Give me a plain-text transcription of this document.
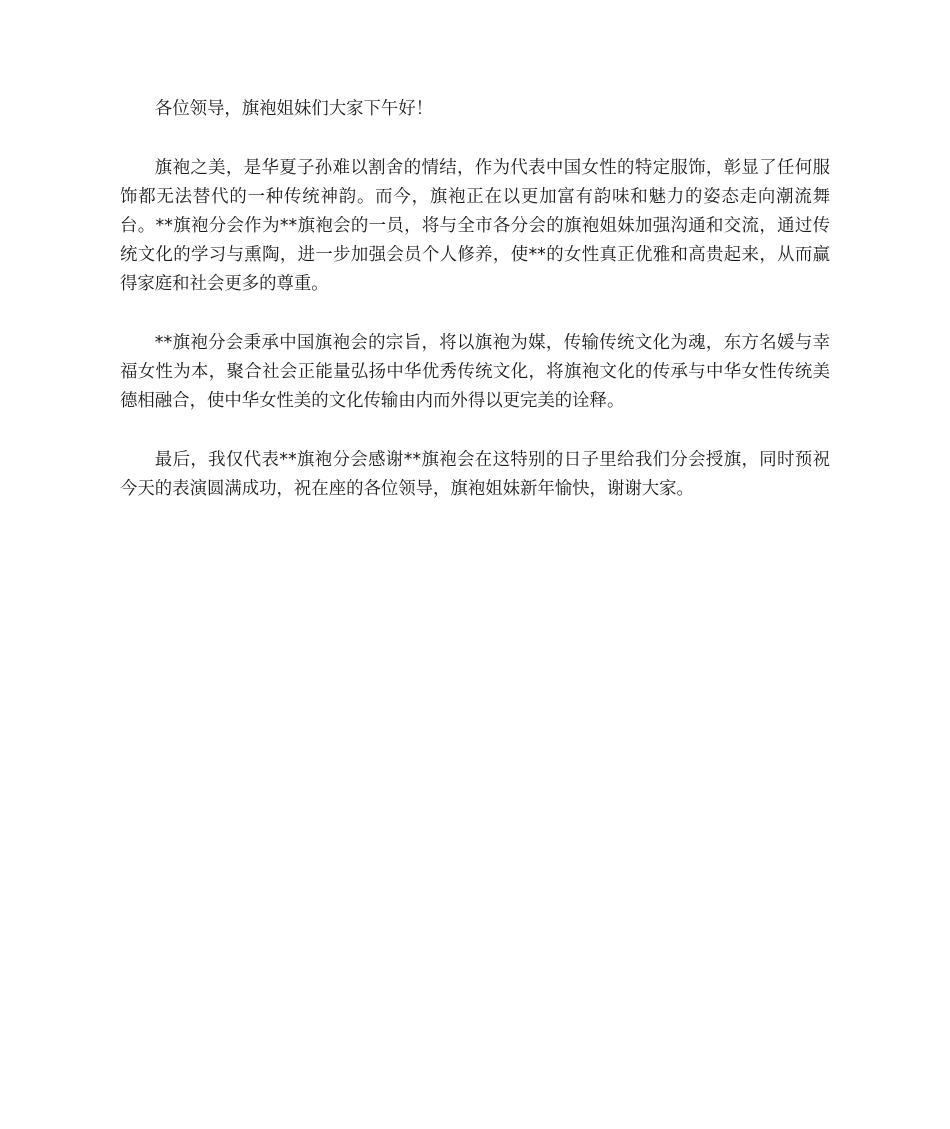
各位领导，旗袍姐妹们大家下午好！

旗袍之美，是华夏子孙难以割舍的情结，作为代表中国女性的特定服饰，彰显了任何服饰都无法替代的一种传统神韵。而今，旗袍正在以更加富有韵味和魅力的姿态走向潮流舞台。**旗袍分会作为**旗袍会的一员，将与全市各分会的旗袍姐妹加强沟通和交流，通过传统文化的学习与熏陶，进一步加强会员个人修养，使**的女性真正优雅和高贵起来，从而赢得家庭和社会更多的尊重。

**旗袍分会秉承中国旗袍会的宗旨，将以旗袍为媒，传输传统文化为魂，东方名媛与幸福女性为本，聚合社会正能量弘扬中华优秀传统文化，将旗袍文化的传承与中华女性传统美德相融合，使中华女性美的文化传输由内而外得以更完美的诠释。

最后，我仅代表**旗袍分会感谢**旗袍会在这特别的日子里给我们分会授旗，同时预祝今天的表演圆满成功，祝在座的各位领导，旗袍姐妹新年愉快，谢谢大家。
